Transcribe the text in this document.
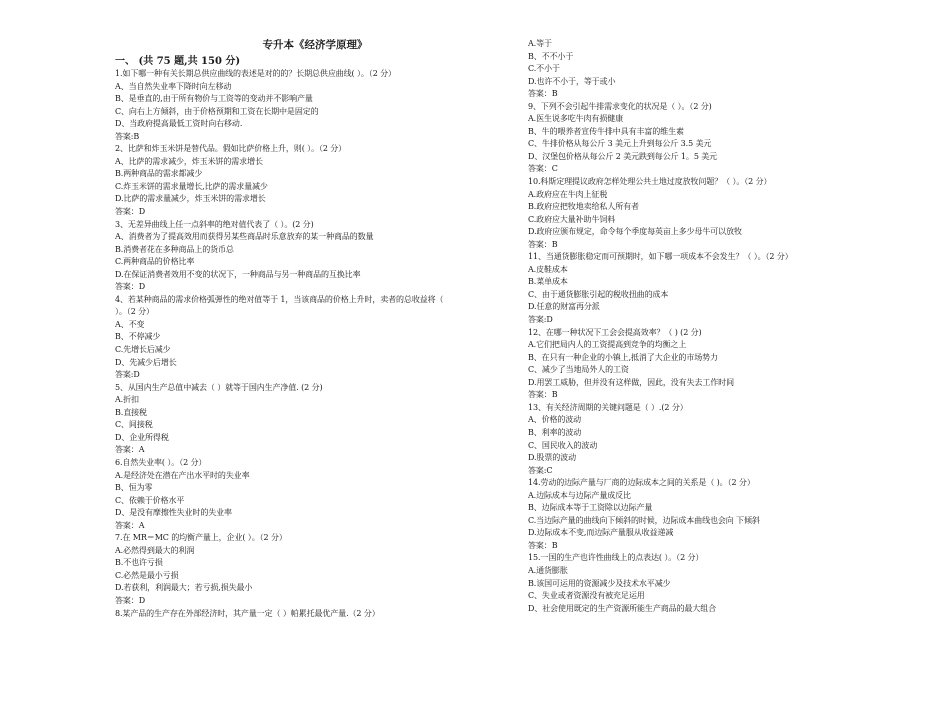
专升本《经济学原理》
一、 (共 75 题,共 150 分)
1.如下哪一种有关长期总供应曲线的表述是对的的？长期总供应曲线( ）。（2 分）
A、当自然失业率下降时向左移动
B、是垂直的,由于所有物价与工资等的变动并不影响产量
C、向右上方倾斜，由于价格预期和工资在长期中是固定的
D、当政府提高最低工资时向右移动.
答案:B
2、比萨和炸玉米饼是替代品。假如比萨价格上升，则( ）。（2 分）
A、比萨的需求减少，炸玉米饼的需求增长
B.两种商品的需求都减少
C.炸玉米饼的需求量增长,比萨的需求量减少
D.比萨的需求量减少，炸玉米饼的需求增长
答案：D
3、无差异曲线上任一点斜率的绝对值代表了（ ）。(2 分)
A、消费者为了提高效用而获得另某些商品时乐意放弃的某一种商品的数量
B.消费者花在多种商品上的货币总
C.两种商品的价格比率
D.在保证消费者效用不变的状况下，一种商品与另一种商品的互换比率
答案：D
4、若某种商品的需求价格弧弹性的绝对值等于 1，当该商品的价格上升时，卖者的总收益将（
）。（2 分）
A、不变
B、不停减少
C.先增长后减少
D、先减少后增长
答案:D
5、从国内生产总值中减去（ ）就等于国内生产净值. (2 分)
A.折扣
B.直接税
C、间接税
D、企业所得税
答案：A
6.自然失业率( ）。（2 分）
A.是经济处在潜在产出水平时的失业率
B、恒为零
C、依赖于价格水平
D、是没有摩擦性失业时的失业率
答案：A
7.在 MR＝MC 的均衡产量上，企业( ）。（2 分）
A.必然得到最大的利润
B.不也许亏损
C.必然是最小亏损
D.若获利，利润最大；若亏损,损失最小
答案：D
8.某产品的生产存在外部经济时，其产量一定（ ）帕累托最优产量.（2 分）
A.等于
B、不不小于
C.不小于
D.也许不小于，等于或小
答案：B
9、下列不会引起牛排需求变化的状况是（ ）。（2 分)
A.医生说多吃牛肉有损健康
B、牛的喂养者宣传牛排中具有丰富的维生素
C、牛排价格从每公斤 3 美元上升到每公斤 3.5 美元
D、汉堡包价格从每公斤 2 美元跌到每公斤 1。5 美元
答案：C
10.科斯定理提议政府怎样处理公共土地过度放牧问题？（ ）。（2 分）
A.政府应在牛肉上征税
B.政府应把牧地卖给私人所有者
C.政府应大量补助牛饲料
D.政府应颁布规定，命令每个季度每英亩上多少母牛可以放牧
答案：B
11、当通货膨胀稳定而可预期时，如下哪一项成本不会发生？（ ）。（2 分）
A.皮鞋成本
B.菜单成本
C、由于通货膨胀引起的税收扭曲的成本
D.任意的财富再分派
答案:D
12、在哪一种状况下工会会提高效率？（ ) (2 分)
A.它们把局内人的工资提高到竞争的均衡之上
B、在只有一种企业的小镇上,抵消了大企业的市场势力
C、减少了当地局外人的工资
D.用罢工威胁，但并没有这样做，因此，没有失去工作时间
答案：B
13、有关经济周期的关键问题是（ ）.(2 分）
A、价格的波动
B、利率的波动
C、国民收入的波动
D.股票的波动
答案:C
14.劳动的边际产量与厂商的边际成本之间的关系是（ )。（2 分）
A.边际成本与边际产量成反比
B、边际成本等于工资除以边际产量
C.当边际产量的曲线向下倾斜的时候，边际成本曲线也会向 下倾斜
D.边际成本不变,而边际产量服从收益递减
答案：B
15.一国的生产也许性曲线上的点表达( ）。（2 分）
A.通货膨胀
B.该国可运用的资源减少及技术水平减少
C、失业或者资源没有被充足运用
D、社会使用既定的生产资源所能生产商品的最大组合
